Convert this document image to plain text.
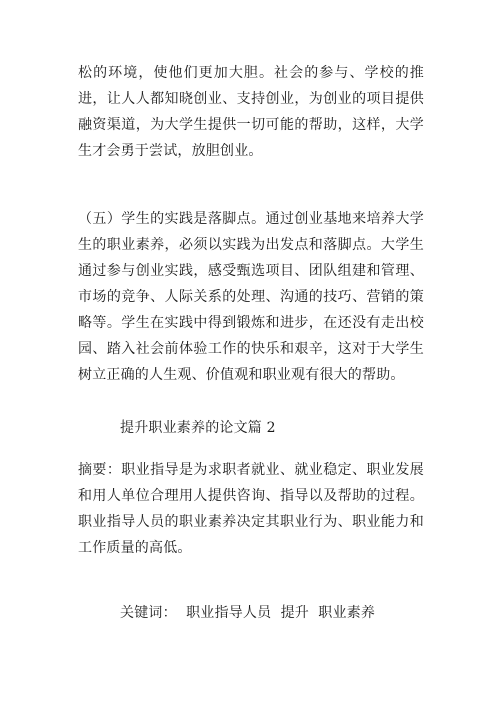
松的环境，使他们更加大胆。社会的参与、学校的推进，让人人都知晓创业、支持创业，为创业的项目提供融资渠道，为大学生提供一切可能的帮助，这样，大学生才会勇于尝试，放胆创业。

（五）学生的实践是落脚点。通过创业基地来培养大学生的职业素养，必须以实践为出发点和落脚点。大学生通过参与创业实践，感受甄选项目、团队组建和管理、市场的竞争、人际关系的处理、沟通的技巧、营销的策略等。学生在实践中得到锻炼和进步，在还没有走出校园、踏入社会前体验工作的快乐和艰辛，这对于大学生树立正确的人生观、价值观和职业观有很大的帮助。

提升职业素养的论文篇 2

摘要：职业指导是为求职者就业、就业稳定、职业发展和用人单位合理用人提供咨询、指导以及帮助的过程。职业指导人员的职业素养决定其职业行为、职业能力和工作质量的高低。

关键词：  职业指导人员  提升  职业素养
